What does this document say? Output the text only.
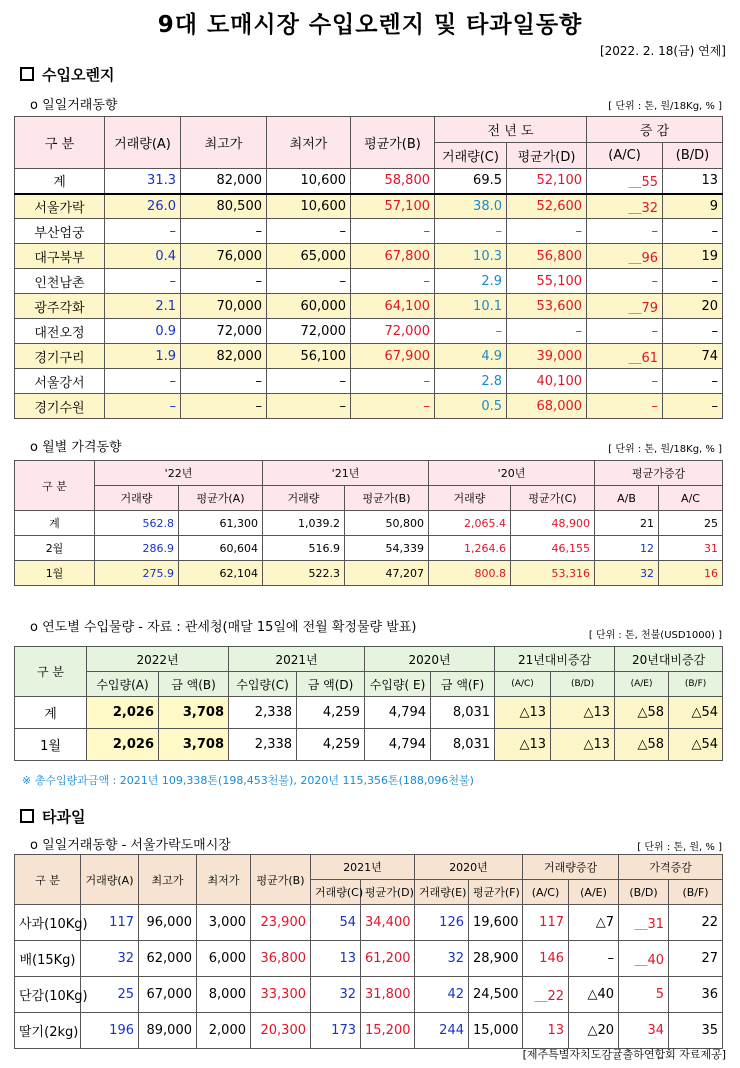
9대 도매시장 수입오렌지 및 타과일동향
[2022. 2. 18(금) 연제]
수입오렌지
o 일일거래동향	[ 단위 : 톤, 원/18Kg, % ]
구 분	거래량(A)	최고가	최저가	평균가(B)	전 년 도		증 감	
					거래량(C)	평균가(D)	(A/C)	(B/D)
계	31.3	82,000	10,600	58,800	69.5	52,100	＿55	13
서울가락	26.0	80,500	10,600	57,100	38.0	52,600	＿32	9
부산엄궁	–	–	–	–	–	–	–	–
대구북부	0.4	76,000	65,000	67,800	10.3	56,800	＿96	19
인천남촌	–	–	–	–	2.9	55,100	–	–
광주각화	2.1	70,000	60,000	64,100	10.1	53,600	＿79	20
대전오정	0.9	72,000	72,000	72,000	–	–	–	–
경기구리	1.9	82,000	56,100	67,900	4.9	39,000	＿61	74
서울강서	–	–	–	–	2.8	40,100	–	–
경기수원	–	–	–	–	0.5	68,000	–	–
o 월별 가격동향	[ 단위 : 톤, 원/18Kg, % ]
구 분	'22년		'21년		'20년		평균가증감	
	거래량	평균가(A)	거래량	평균가(B)	거래량	평균가(C)	A/B	A/C
계	562.8	61,300	1,039.2	50,800	2,065.4	48,900	21	25
2월	286.9	60,604	516.9	54,339	1,264.6	46,155	12	31
1월	275.9	62,104	522.3	47,207	800.8	53,316	32	16
o 연도별 수입물량 - 자료 : 관세청(매달 15일에 전월 확정물량 발표)
[ 단위 : 톤, 천불(USD1000) ]
구 분	2022년		2021년		2020년		21년대비증감		20년대비증감	
	수입량(A)	금 액(B)	수입량(C)	금 액(D)	수입량( E)	금 액(F)	(A/C)	(B/D)	(A/E)	(B/F)
계	2,026	3,708	2,338	4,259	4,794	8,031	△13	△13	△58	△54
1월	2,026	3,708	2,338	4,259	4,794	8,031	△13	△13	△58	△54
※ 총수입량과금액 : 2021년 109,338톤(198,453천불), 2020년 115,356톤(188,096천불)
타과일
o 일일거래동향 - 서울가락도매시장	[ 단위 : 톤, 원, % ]
구 분	거래량(A)	최고가	최저가	평균가(B)	2021년		2020년		거래량증감		가격증감	
					거래량(C)	평균가(D)	거래량(E)	평균가(F)	(A/C)	(A/E)	(B/D)	(B/F)
사과(10Kg)	117	96,000	3,000	23,900	54	34,400	126	19,600	117	△7	＿31	22
배(15Kg)	32	62,000	6,000	36,800	13	61,200	32	28,900	146	–	＿40	27
단감(10Kg)	25	67,000	8,000	33,300	32	31,800	42	24,500	＿22	△40	5	36
딸기(2kg)	196	89,000	2,000	20,300	173	15,200	244	15,000	13	△20	34	35
[제주특별자치도감귤출하연합회 자료제공]
